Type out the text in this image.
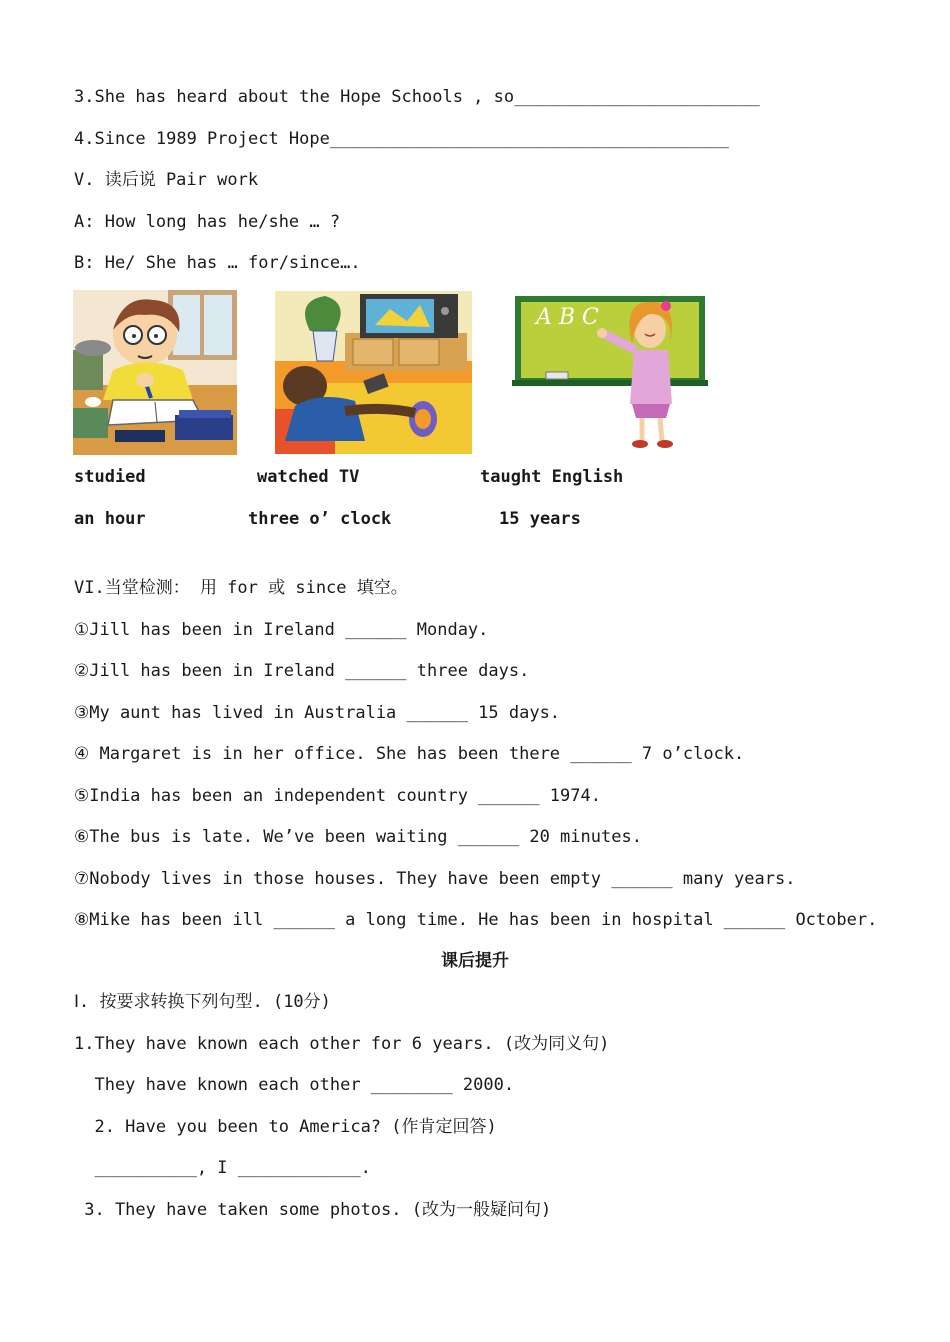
3.She has heard about the Hope Schools , so________________________
4.Since 1989 Project Hope_______________________________________
V. 读后说 Pair work
A: How long has he/she … ?
B: He/ She has … for/since….
A B C
studied	watched TV	taught English
an hour	three o’ clock	15 years
VI.当堂检测： 用 for 或 since 填空。
①Jill has been in Ireland ______ Monday.
②Jill has been in Ireland ______ three days.
③My aunt has lived in Australia ______ 15 days.
④ Margaret is in her office. She has been there ______ 7 o’clock.
⑤India has been an independent country ______ 1974.
⑥The bus is late. We’ve been waiting ______ 20 minutes.
⑦Nobody lives in those houses. They have been empty ______ many years.
⑧Mike has been ill ______ a long time. He has been in hospital ______ October.
课后提升
Ⅰ. 按要求转换下列句型. (10分)
1.They have known each other for 6 years. (改为同义句)
They have known each other ________ 2000.
2. Have you been to America? (作肯定回答)
__________, I ____________.
3. They have taken some photos. (改为一般疑问句)
